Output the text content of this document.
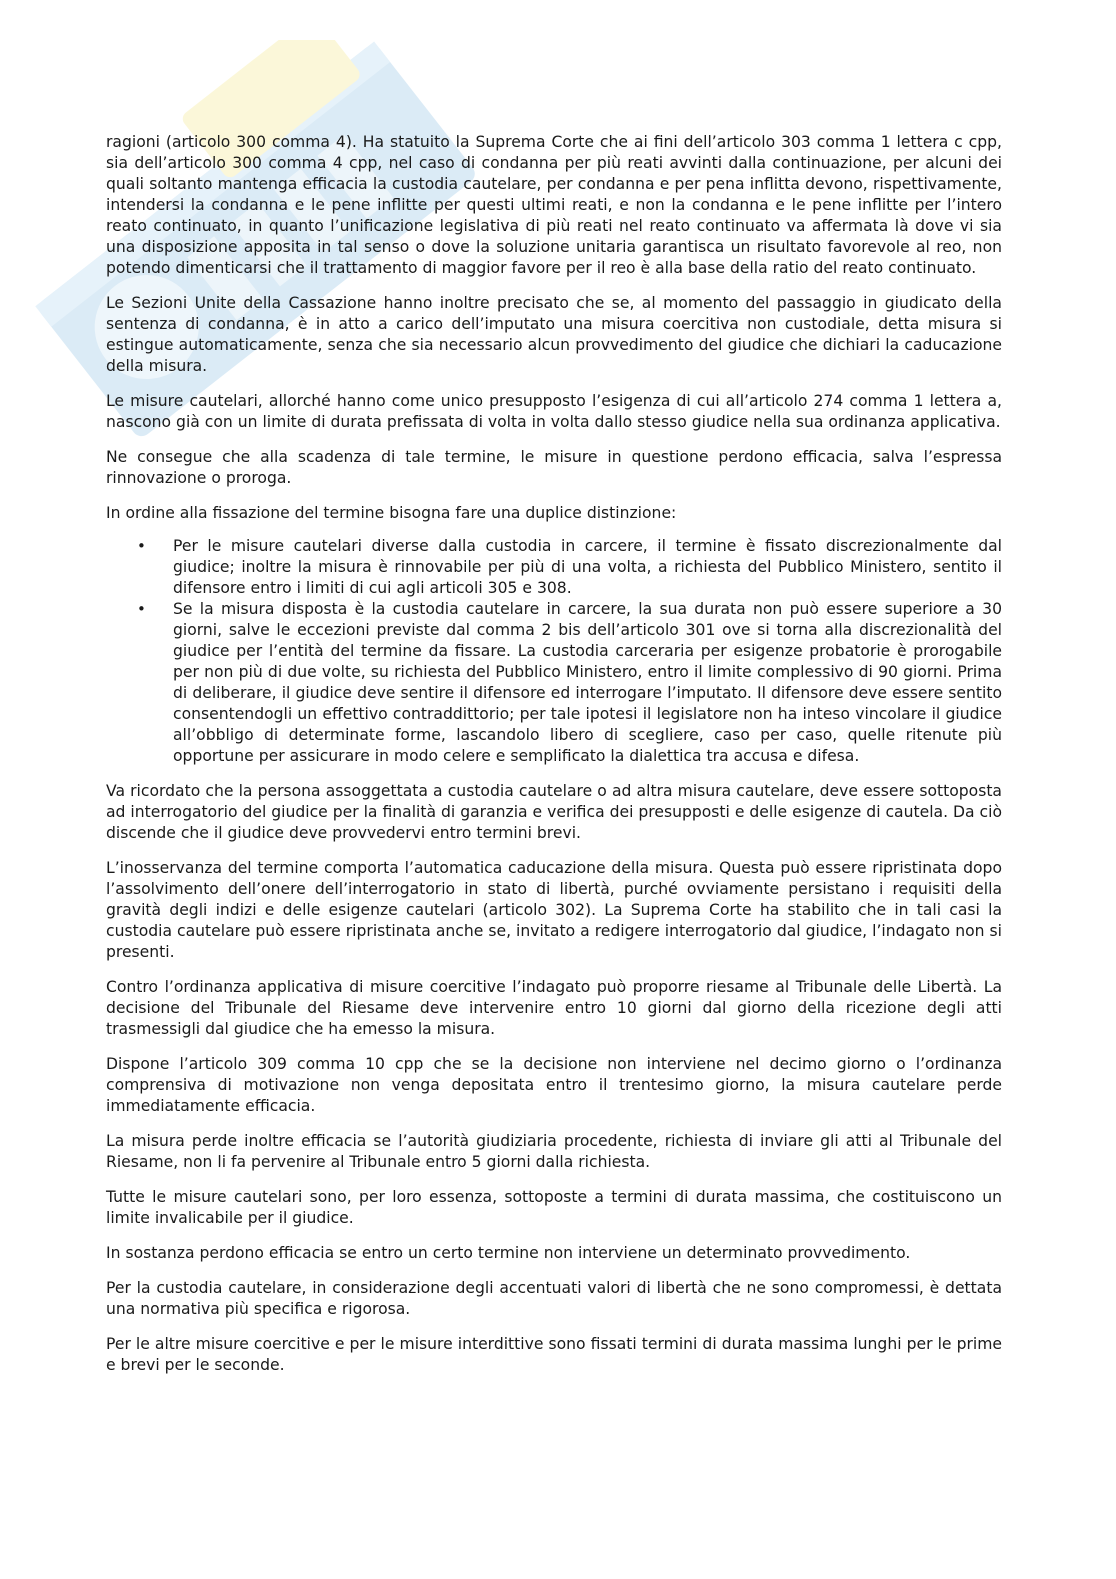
ragioni (articolo 300 comma 4). Ha statuito la Suprema Corte che ai fini dell’articolo 303 comma 1 lettera c cpp, sia dell’articolo 300 comma 4 cpp, nel caso di condanna per più reati avvinti dalla continuazione, per alcuni dei quali soltanto mantenga efficacia la custodia cautelare, per condanna e per pena inflitta devono, rispettivamente, intendersi la condanna e le pene inflitte per questi ultimi reati, e non la condanna e le pene inflitte per l’intero reato continuato, in quanto l’unificazione legislativa di più reati nel reato continuato va affermata là dove vi sia una disposizione apposita in tal senso o dove la soluzione unitaria garantisca un risultato favorevole al reo, non potendo dimenticarsi che il trattamento di maggior favore per il reo è alla base della ratio del reato continuato.

Le Sezioni Unite della Cassazione hanno inoltre precisato che se, al momento del passaggio in giudicato della sentenza di condanna, è in atto a carico dell’imputato una misura coercitiva non custodiale, detta misura si estingue automaticamente, senza che sia necessario alcun provvedimento del giudice che dichiari la caducazione della misura.

Le misure cautelari, allorché hanno come unico presupposto l’esigenza di cui all’articolo 274 comma 1 lettera a, nascono già con un limite di durata prefissata di volta in volta dallo stesso giudice nella sua ordinanza applicativa.

Ne consegue che alla scadenza di tale termine, le misure in questione perdono efficacia, salva l’espressa rinnovazione o proroga.

In ordine alla fissazione del termine bisogna fare una duplice distinzione:

• Per le misure cautelari diverse dalla custodia in carcere, il termine è fissato discrezionalmente dal giudice; inoltre la misura è rinnovabile per più di una volta, a richiesta del Pubblico Ministero, sentito il difensore entro i limiti di cui agli articoli 305 e 308.
• Se la misura disposta è la custodia cautelare in carcere, la sua durata non può essere superiore a 30 giorni, salve le eccezioni previste dal comma 2 bis dell’articolo 301 ove si torna alla discrezionalità del giudice per l’entità del termine da fissare. La custodia carceraria per esigenze probatorie è prorogabile per non più di due volte, su richiesta del Pubblico Ministero, entro il limite complessivo di 90 giorni. Prima di deliberare, il giudice deve sentire il difensore ed interrogare l’imputato. Il difensore deve essere sentito consentendogli un effettivo contraddittorio; per tale ipotesi il legislatore non ha inteso vincolare il giudice all’obbligo di determinate forme, lascandolo libero di scegliere, caso per caso, quelle ritenute più opportune per assicurare in modo celere e semplificato la dialettica tra accusa e difesa.

Va ricordato che la persona assoggettata a custodia cautelare o ad altra misura cautelare, deve essere sottoposta ad interrogatorio del giudice per la finalità di garanzia e verifica dei presupposti e delle esigenze di cautela. Da ciò discende che il giudice deve provvedervi entro termini brevi.

L’inosservanza del termine comporta l’automatica caducazione della misura. Questa può essere ripristinata dopo l’assolvimento dell’onere dell’interrogatorio in stato di libertà, purché ovviamente persistano i requisiti della gravità degli indizi e delle esigenze cautelari (articolo 302). La Suprema Corte ha stabilito che in tali casi la custodia cautelare può essere ripristinata anche se, invitato a redigere interrogatorio dal giudice, l’indagato non si presenti.

Contro l’ordinanza applicativa di misure coercitive l’indagato può proporre riesame al Tribunale delle Libertà. La decisione del Tribunale del Riesame deve intervenire entro 10 giorni dal giorno della ricezione degli atti trasmessigli dal giudice che ha emesso la misura.

Dispone l’articolo 309 comma 10 cpp che se la decisione non interviene nel decimo giorno o l’ordinanza comprensiva di motivazione non venga depositata entro il trentesimo giorno, la misura cautelare perde immediatamente efficacia.

La misura perde inoltre efficacia se l’autorità giudiziaria procedente, richiesta di inviare gli atti al Tribunale del Riesame, non li fa pervenire al Tribunale entro 5 giorni dalla richiesta.

Tutte le misure cautelari sono, per loro essenza, sottoposte a termini di durata massima, che costituiscono un limite invalicabile per il giudice.

In sostanza perdono efficacia se entro un certo termine non interviene un determinato provvedimento.

Per la custodia cautelare, in considerazione degli accentuati valori di libertà che ne sono compromessi, è dettata una normativa più specifica e rigorosa.

Per le altre misure coercitive e per le misure interdittive sono fissati termini di durata massima lunghi per le prime e brevi per le seconde.
